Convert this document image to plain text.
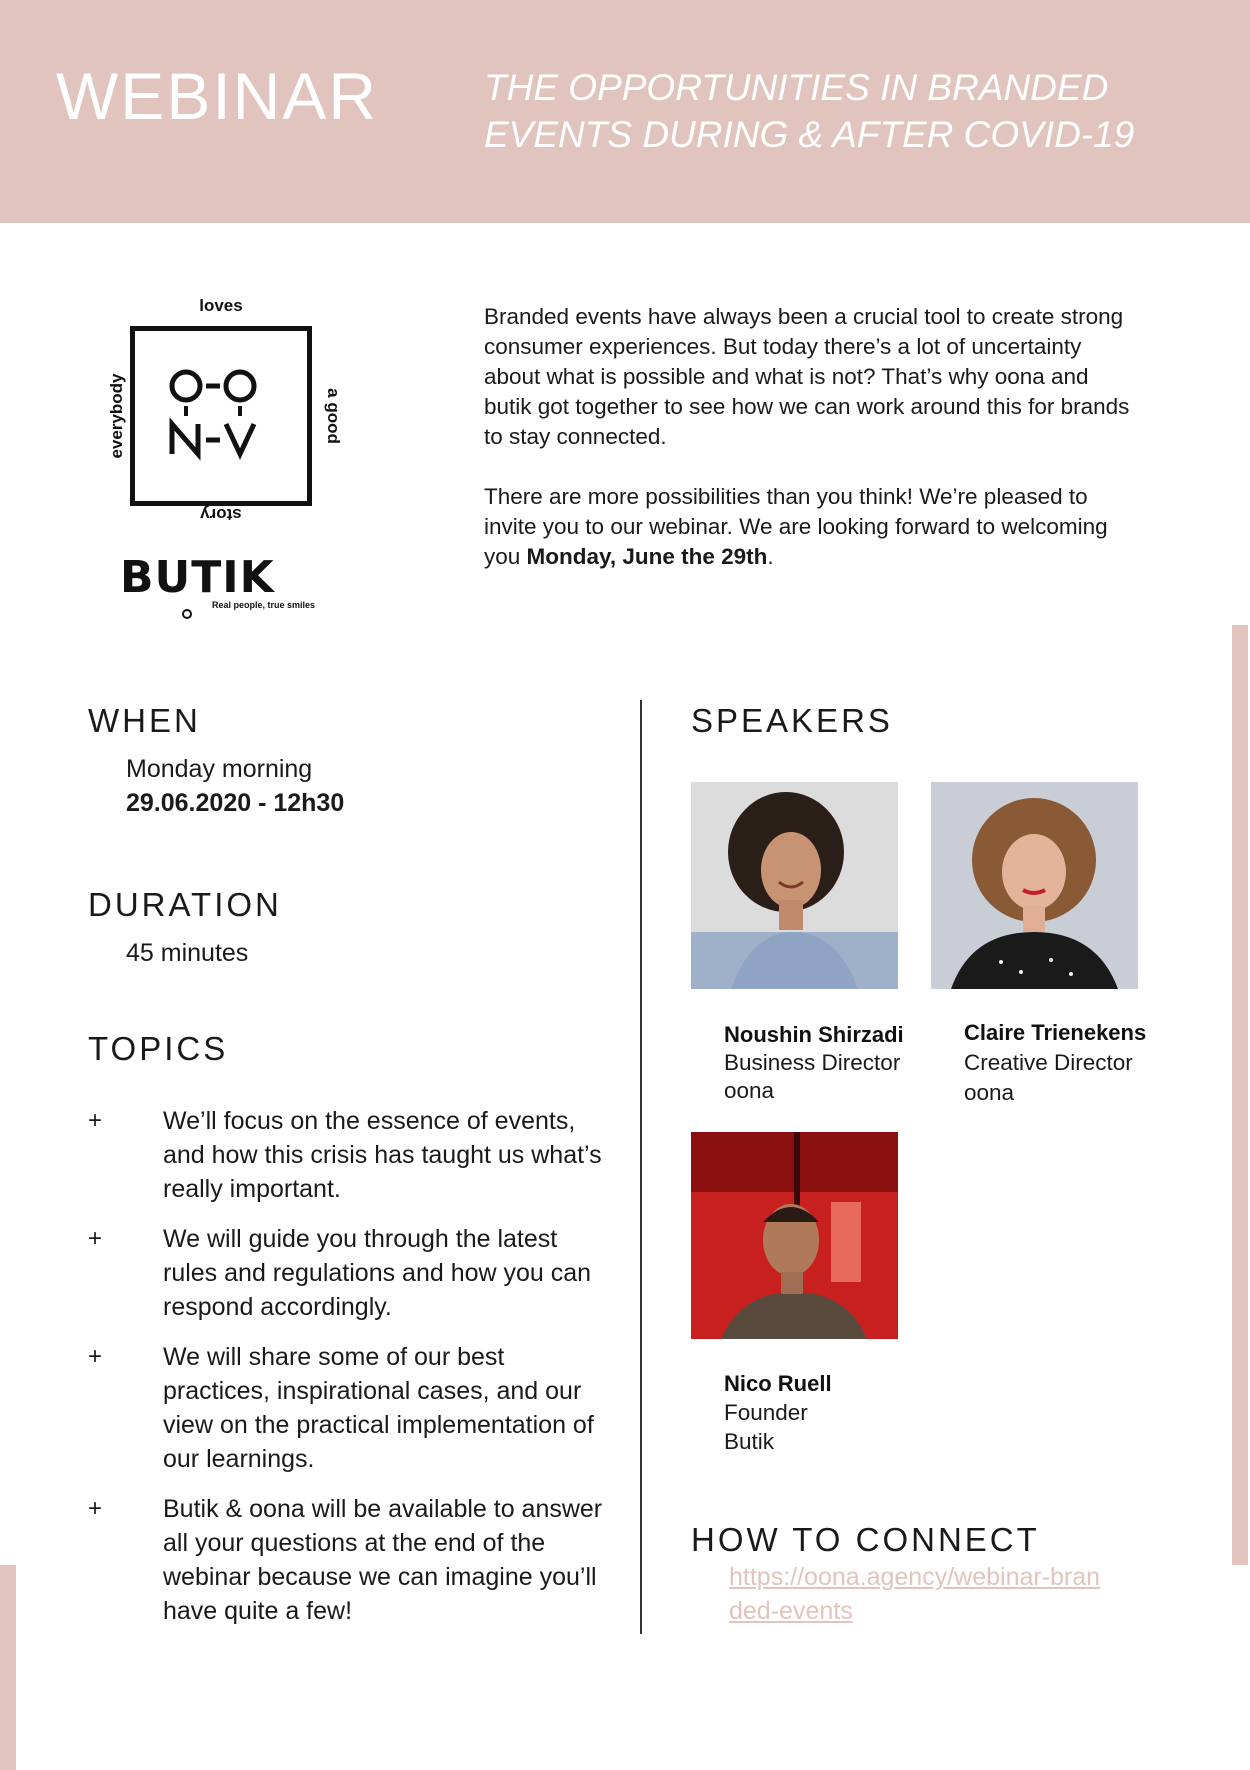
WEBINAR	THE OPPORTUNITIES IN BRANDED
EVENTS DURING & AFTER COVID-19
loves
story
everybody	a good
BUTIK
Real people, true smiles

Branded events have always been a crucial tool to create strong consumer experiences. But today there’s a lot of uncertainty about what is possible and what is not? That’s why oona and butik got together to see how we can work around this for brands to stay connected.

There are more possibilities than you think! We’re pleased to invite you to our webinar. We are looking forward to welcoming you Monday, June the 29th.

WHEN
Monday morning
29.06.2020 - 12h30
DURATION
45 minutes
TOPICS
+ We’ll focus on the essence of events, and how this crisis has taught us what’s really important.
+ We will guide you through the latest rules and regulations and how you can respond accordingly.
+ We will share some of our best practices, inspirational cases, and our view on the practical implementation of our learnings.
+ Butik & oona will be available to answer all your questions at the end of the webinar because we can imagine you’ll have quite a few!
SPEAKERS
Noushin Shirzadi
Business Director
oona
Claire Trienekens
Creative Director
oona
Nico Ruell
Founder
Butik
HOW TO CONNECT
https://oona.agency/webinar-branded-events
